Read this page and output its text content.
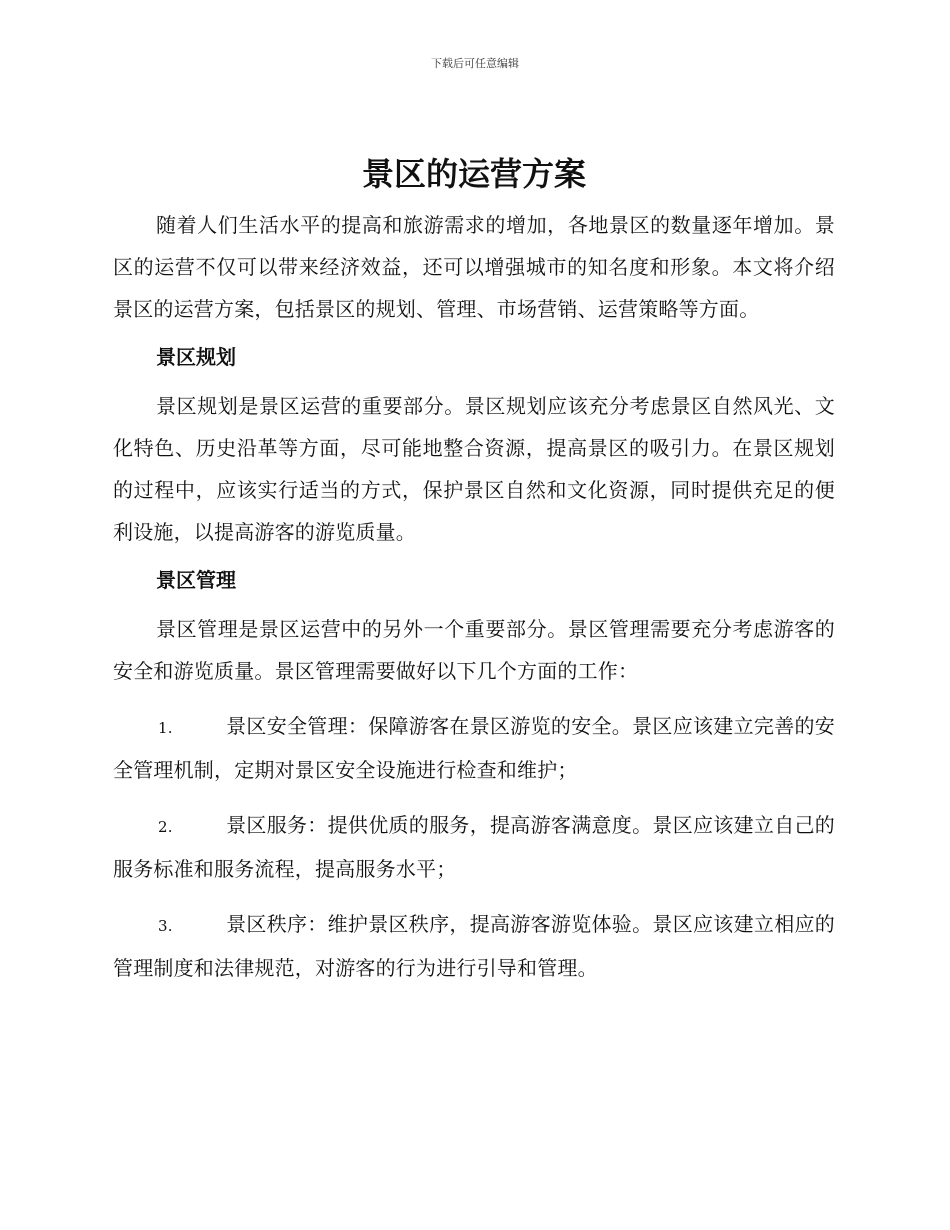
下载后可任意编辑
景区的运营方案

随着人们生活水平的提高和旅游需求的增加，各地景区的数量逐年增加。景区的运营不仅可以带来经济效益，还可以增强城市的知名度和形象。本文将介绍景区的运营方案，包括景区的规划、管理、市场营销、运营策略等方面。

景区规划

景区规划是景区运营的重要部分。景区规划应该充分考虑景区自然风光、文化特色、历史沿革等方面，尽可能地整合资源，提高景区的吸引力。在景区规划的过程中，应该实行适当的方式，保护景区自然和文化资源，同时提供充足的便利设施，以提高游客的游览质量。

景区管理

景区管理是景区运营中的另外一个重要部分。景区管理需要充分考虑游客的安全和游览质量。景区管理需要做好以下几个方面的工作：

1.	景区安全管理：保障游客在景区游览的安全。景区应该建立完善的安全管理机制，定期对景区安全设施进行检查和维护；

2.	景区服务：提供优质的服务，提高游客满意度。景区应该建立自己的服务标准和服务流程，提高服务水平；

3.	景区秩序：维护景区秩序，提高游客游览体验。景区应该建立相应的管理制度和法律规范，对游客的行为进行引导和管理。
